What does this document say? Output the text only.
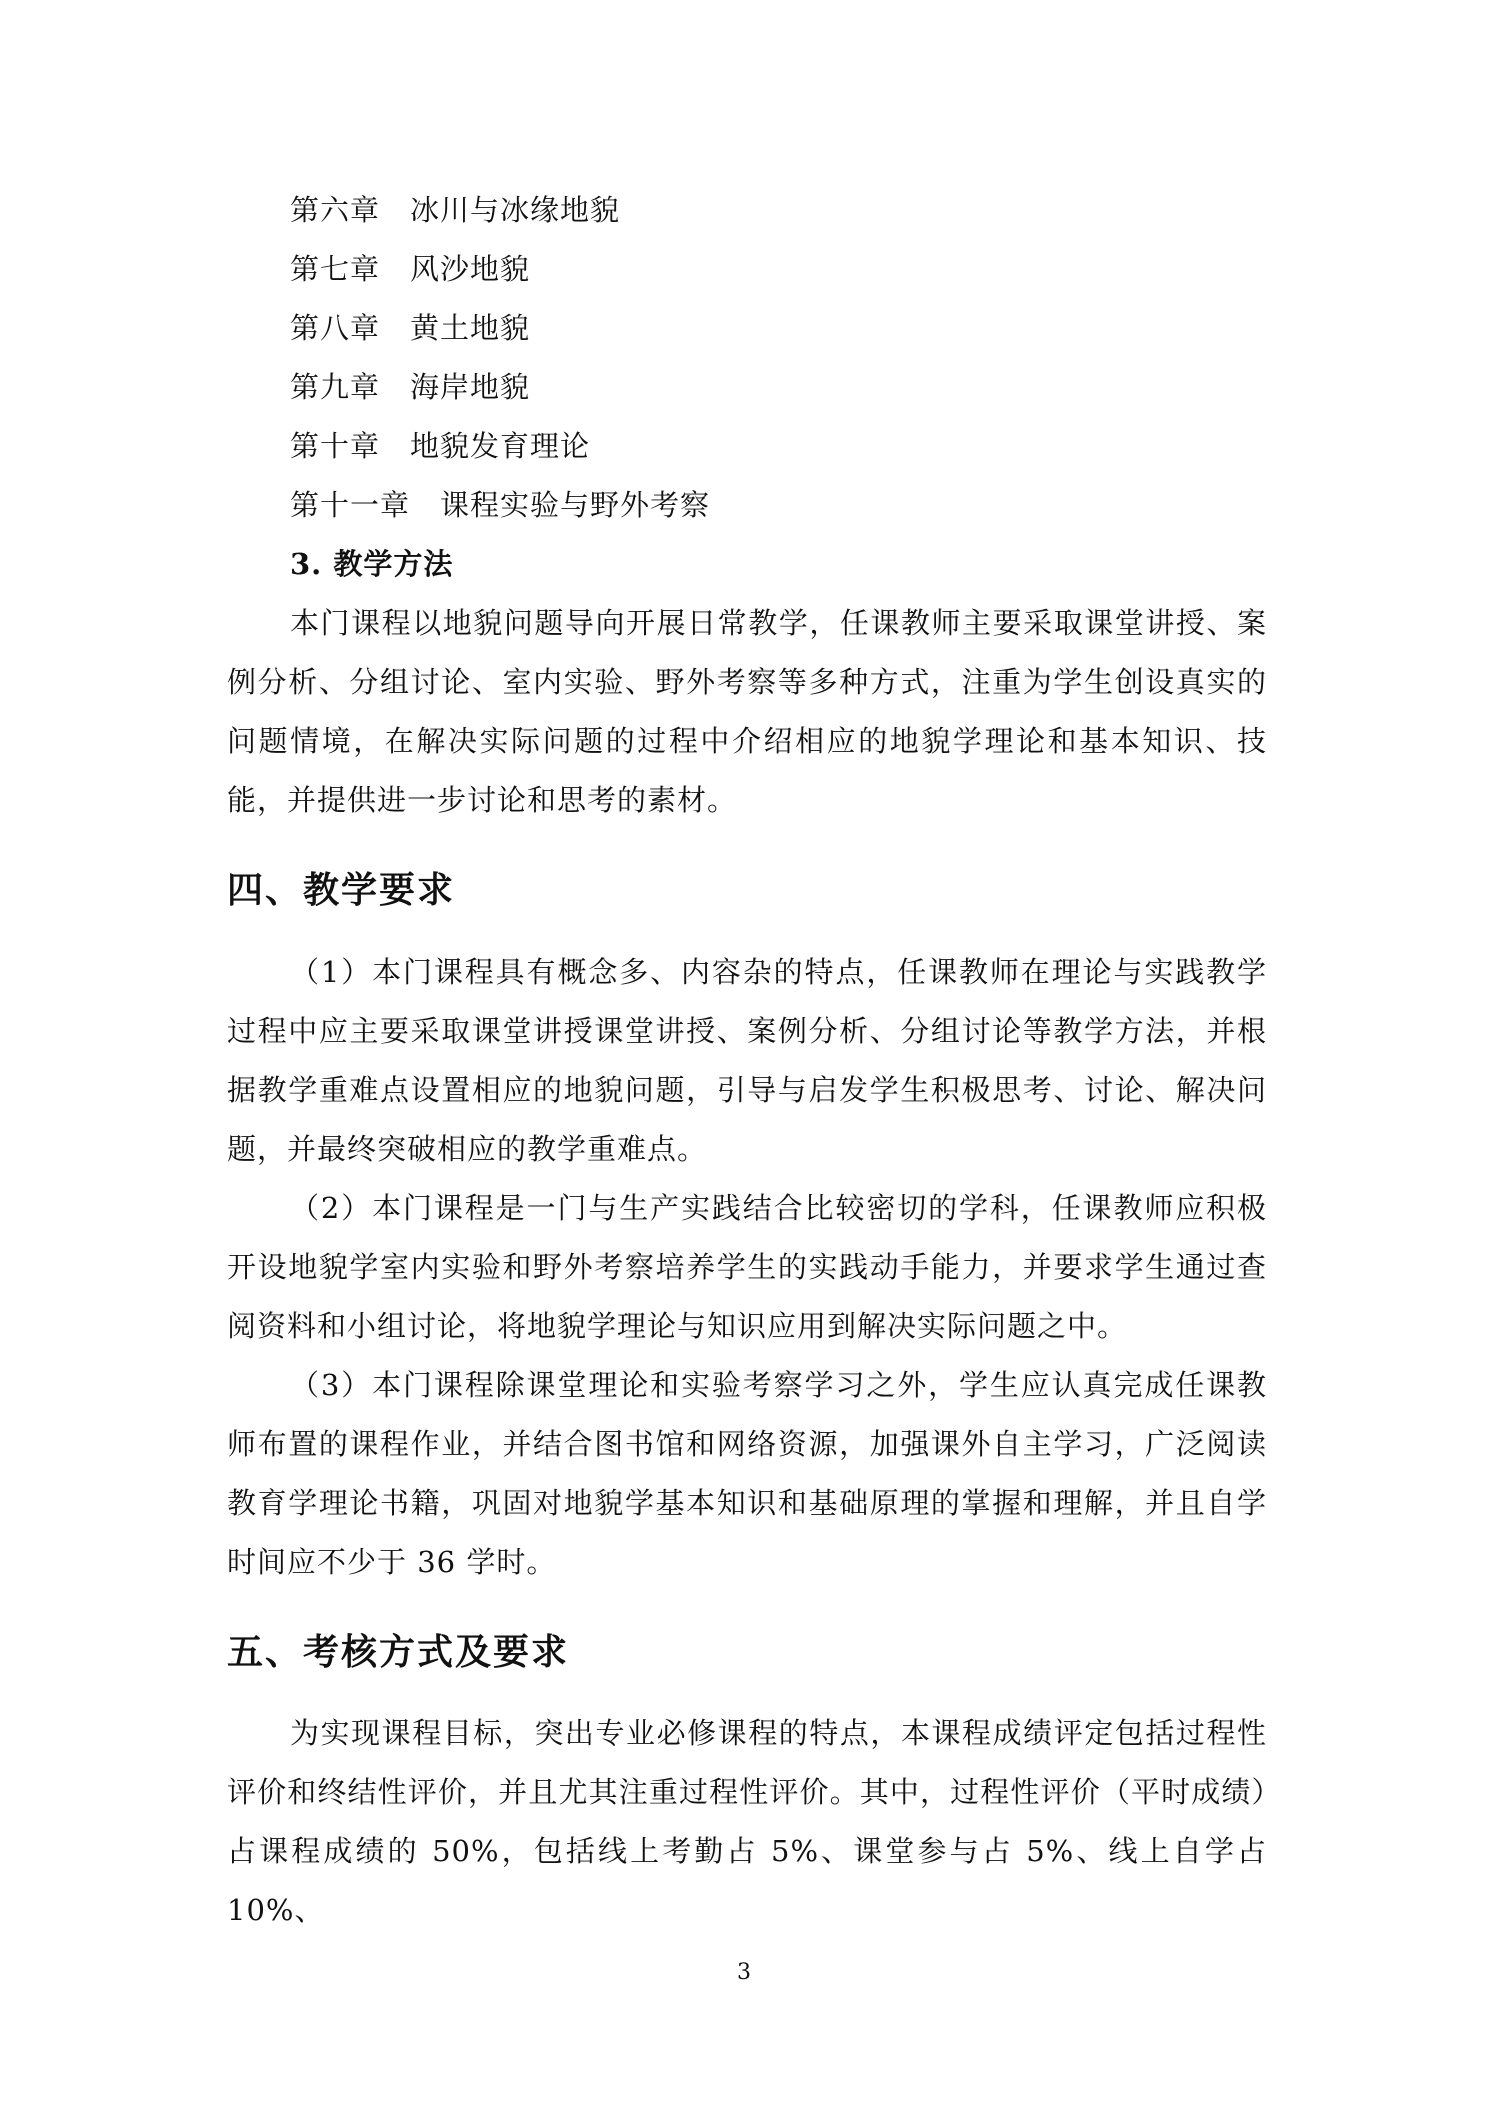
第六章 冰川与冰缘地貌
第七章 风沙地貌
第八章 黄土地貌
第九章 海岸地貌
第十章 地貌发育理论
第十一章 课程实验与野外考察
3. 教学方法
本门课程以地貌问题导向开展日常教学，任课教师主要采取课堂讲授、案例分析、分组讨论、室内实验、野外考察等多种方式，注重为学生创设真实的问题情境，在解决实际问题的过程中介绍相应的地貌学理论和基本知识、技能，并提供进一步讨论和思考的素材。
四、教学要求
（1）本门课程具有概念多、内容杂的特点，任课教师在理论与实践教学过程中应主要采取课堂讲授课堂讲授、案例分析、分组讨论等教学方法，并根据教学重难点设置相应的地貌问题，引导与启发学生积极思考、讨论、解决问题，并最终突破相应的教学重难点。
（2）本门课程是一门与生产实践结合比较密切的学科，任课教师应积极开设地貌学室内实验和野外考察培养学生的实践动手能力，并要求学生通过查阅资料和小组讨论，将地貌学理论与知识应用到解决实际问题之中。
（3）本门课程除课堂理论和实验考察学习之外，学生应认真完成任课教师布置的课程作业，并结合图书馆和网络资源，加强课外自主学习，广泛阅读教育学理论书籍，巩固对地貌学基本知识和基础原理的掌握和理解，并且自学时间应不少于 36 学时。
五、考核方式及要求
为实现课程目标，突出专业必修课程的特点，本课程成绩评定包括过程性评价和终结性评价，并且尤其注重过程性评价。其中，过程性评价（平时成绩）占课程成绩的 50%，包括线上考勤占 5%、课堂参与占 5%、线上自学占 10%、
3
